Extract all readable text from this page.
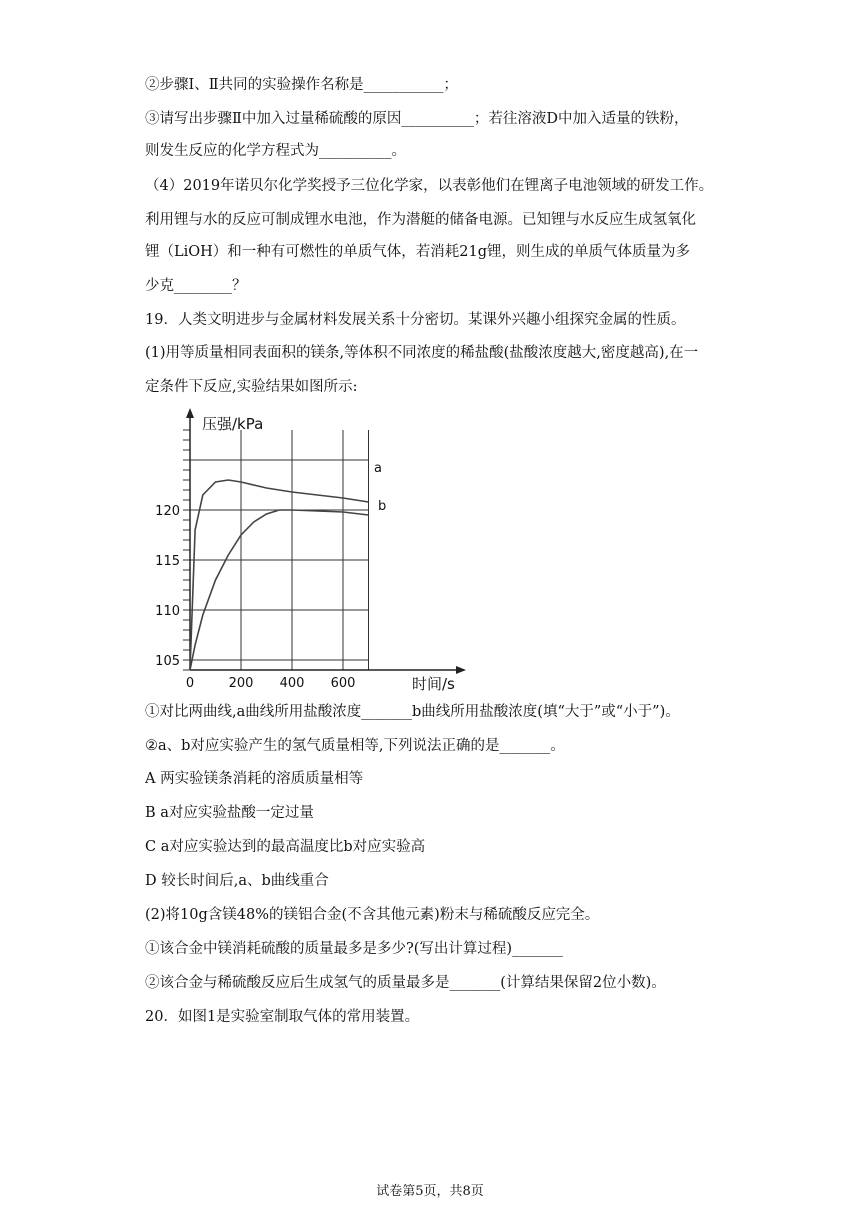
②步骤Ⅰ、Ⅱ共同的实验操作名称是___________；
③请写出步骤Ⅱ中加入过量稀硫酸的原因__________；若往溶液D中加入适量的铁粉，
则发生反应的化学方程式为__________。
（4）2019年诺贝尔化学奖授予三位化学家，以表彰他们在锂离子电池领域的研发工作。
利用锂与水的反应可制成锂水电池，作为潜艇的储备电源。已知锂与水反应生成氢氧化
锂（LiOH）和一种有可燃性的单质气体，若消耗21g锂，则生成的单质气体质量为多
少克________？
19．人类文明进步与金属材料发展关系十分密切。某课外兴趣小组探究金属的性质。
(1)用等质量相同表面积的镁条,等体积不同浓度的稀盐酸(盐酸浓度越大,密度越高),在一
定条件下反应,实验结果如图所示:
105
110
115
120
0	200 400 600
a
b
压强/kPa
时间/s
①对比两曲线,a曲线所用盐酸浓度_______b曲线所用盐酸浓度(填“大于”或“小于”)。
②a、b对应实验产生的氢气质量相等,下列说法正确的是_______。
A 两实验镁条消耗的溶质质量相等
B a对应实验盐酸一定过量
C a对应实验达到的最高温度比b对应实验高
D 较长时间后,a、b曲线重合
(2)将10g含镁48%的镁铝合金(不含其他元素)粉末与稀硫酸反应完全。
①该合金中镁消耗硫酸的质量最多是多少?(写出计算过程)_______
②该合金与稀硫酸反应后生成氢气的质量最多是_______(计算结果保留2位小数)。
20．如图1是实验室制取气体的常用装置。
试卷第5页，共8页
